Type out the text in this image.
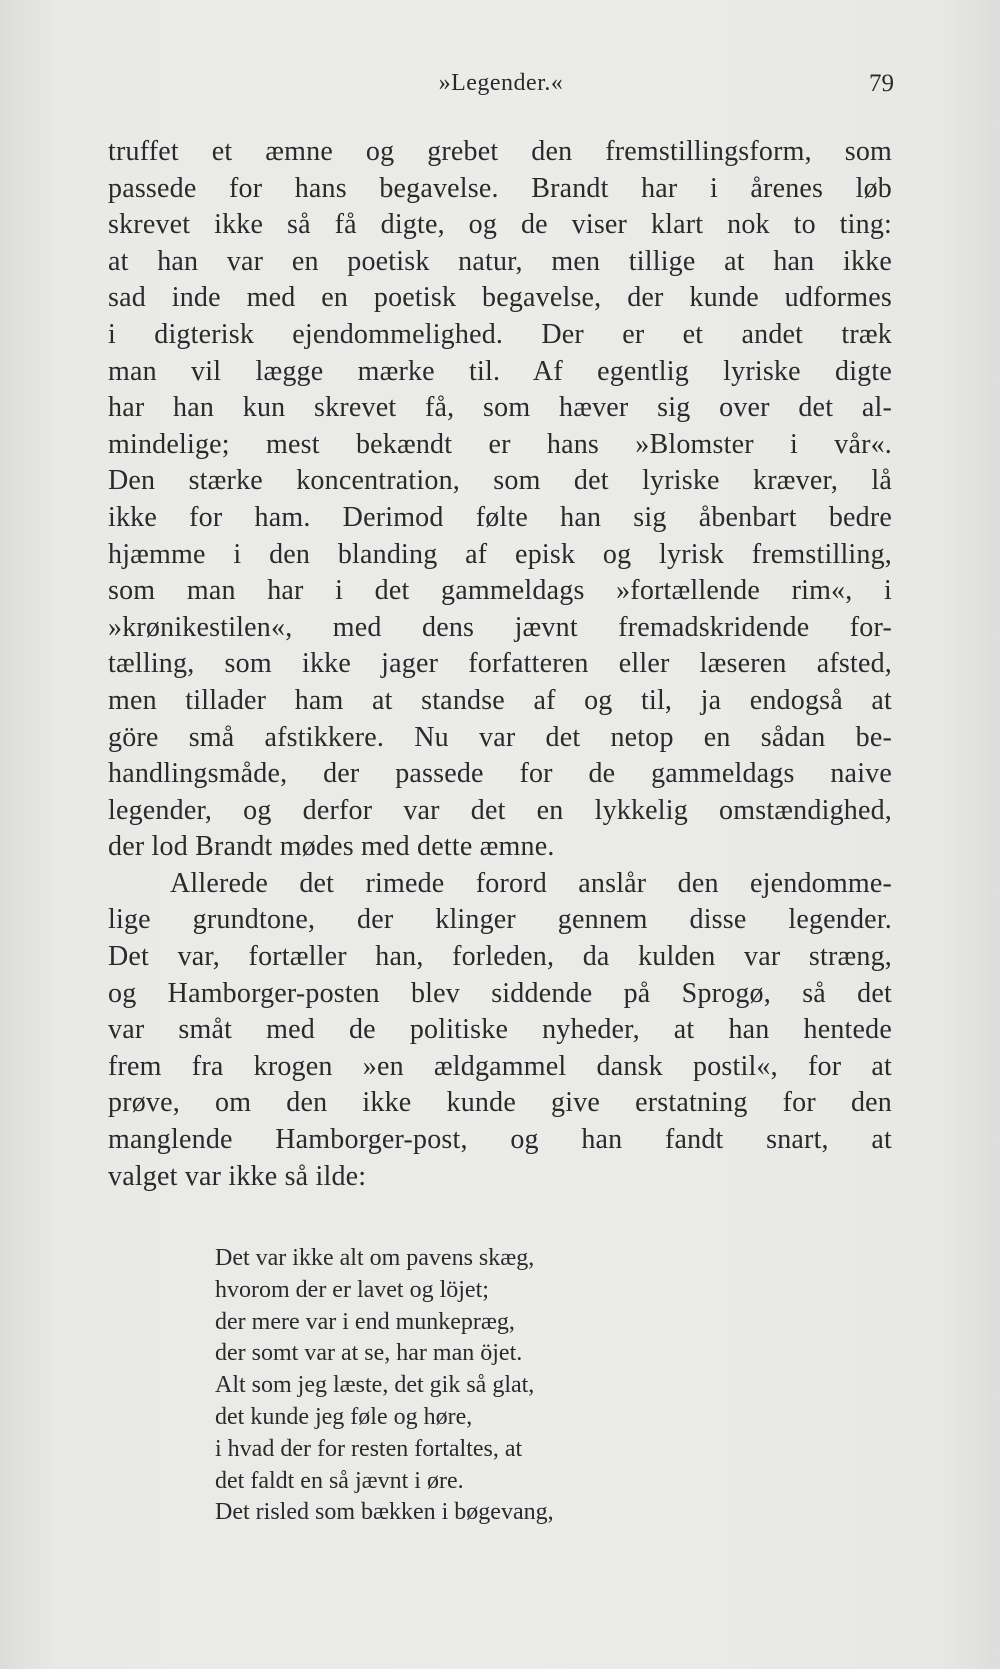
»Legender.«	79
truffet et æmne og grebet den fremstillingsform, som
passede for hans begavelse. Brandt har i årenes løb
skrevet ikke så få digte, og de viser klart nok to ting:
at han var en poetisk natur, men tillige at han ikke
sad inde med en poetisk begavelse, der kunde udformes
i digterisk ejendommelighed. Der er et andet træk
man vil lægge mærke til. Af egentlig lyriske digte
har han kun skrevet få, som hæver sig over det al-
mindelige; mest bekændt er hans »Blomster i vår«.
Den stærke koncentration, som det lyriske kræver, lå
ikke for ham. Derimod følte han sig åbenbart bedre
hjæmme i den blanding af episk og lyrisk fremstilling,
som man har i det gammeldags »fortællende rim«, i
»krønikestilen«, med dens jævnt fremadskridende for-
tælling, som ikke jager forfatteren eller læseren afsted,
men tillader ham at standse af og til, ja endogså at
göre små afstikkere. Nu var det netop en sådan be-
handlingsmåde, der passede for de gammeldags naive
legender, og derfor var det en lykkelig omstændighed,
der lod Brandt mødes med dette æmne.
Allerede det rimede forord anslår den ejendomme-
lige grundtone, der klinger gennem disse legender.
Det var, fortæller han, forleden, da kulden var stræng,
og Hamborger-posten blev siddende på Sprogø, så det
var småt med de politiske nyheder, at han hentede
frem fra krogen »en ældgammel dansk postil«, for at
prøve, om den ikke kunde give erstatning for den
manglende Hamborger-post, og han fandt snart, at
valget var ikke så ilde:
Det var ikke alt om pavens skæg,
hvorom der er lavet og löjet;
der mere var i end munkepræg,
der somt var at se, har man öjet.
Alt som jeg læste, det gik så glat,
det kunde jeg føle og høre,
i hvad der for resten fortaltes, at
det faldt en så jævnt i øre.
Det risled som bækken i bøgevang,
